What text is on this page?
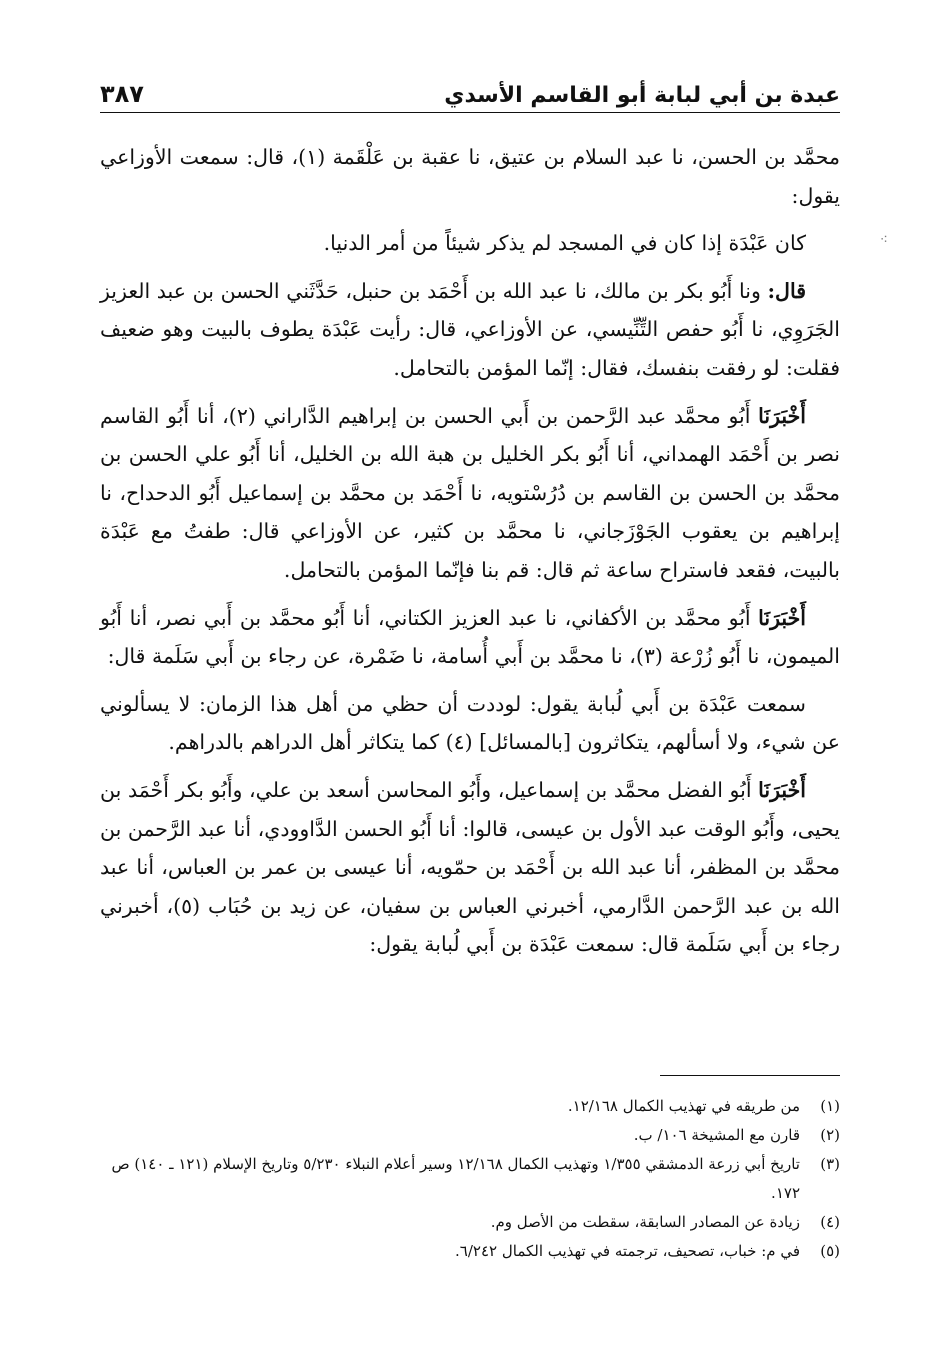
عبدة بن أبي لبابة أبو القاسم الأسدي
٣٨٧
⁖

محمَّد بن الحسن، نا عبد السلام بن عتيق، نا عقبة بن عَلْقَمة (١)، قال: سمعت الأوزاعي يقول:

كان عَبْدَة إذا كان في المسجد لم يذكر شيئاً من أمر الدنيا.

قال: ونا أَبُو بكر بن مالك، نا عبد الله بن أَحْمَد بن حنبل، حَدَّثَني الحسن بن عبد العزيز الجَرَوِي، نا أَبُو حفص التِّنِّيسي، عن الأوزاعي، قال: رأيت عَبْدَة يطوف بالبيت وهو ضعيف فقلت: لو رفقت بنفسك، فقال: إنّما المؤمن بالتحامل.

أَخْبَرَنَا أَبُو محمَّد عبد الرَّحمن بن أَبي الحسن بن إبراهيم الدَّاراني (٢)، أنا أَبُو القاسم نصر بن أَحْمَد الهمداني، أنا أَبُو بكر الخليل بن هبة الله بن الخليل، أنا أَبُو علي الحسن بن محمَّد بن الحسن بن القاسم بن دُرُسْتويه، نا أَحْمَد بن محمَّد بن إسماعيل أَبُو الدحداح، نا إبراهيم بن يعقوب الجَوْزَجاني، نا محمَّد بن كثير، عن الأوزاعي قال: طفتُ مع عَبْدَة بالبيت، فقعد فاستراح ساعة ثم قال: قم بنا فإنّما المؤمن بالتحامل.

أَخْبَرَنَا أَبُو محمَّد بن الأكفاني، نا عبد العزيز الكتاني، أنا أَبُو محمَّد بن أَبي نصر، أنا أَبُو الميمون، نا أَبُو زُرْعة (٣)، نا محمَّد بن أَبي أُسامة، نا ضَمْرة، عن رجاء بن أَبي سَلَمة قال:

سمعت عَبْدَة بن أَبي لُبابة يقول: لوددت أن حظي من أهل هذا الزمان: لا يسألوني عن شيء، ولا أسألهم، يتكاثرون [بالمسائل] (٤) كما يتكاثر أهل الدراهم بالدراهم.

أَخْبَرَنَا أَبُو الفضل محمَّد بن إسماعيل، وأَبُو المحاسن أسعد بن علي، وأَبُو بكر أَحْمَد بن يحيى، وأَبُو الوقت عبد الأول بن عيسى، قالوا: أنا أَبُو الحسن الدَّاوودي، أنا عبد الرَّحمن بن محمَّد بن المظفر، أنا عبد الله بن أَحْمَد بن حمّويه، أنا عيسى بن عمر بن العباس، أنا عبد الله بن عبد الرَّحمن الدَّارمي، أخبرني العباس بن سفيان، عن زيد بن حُبَاب (٥)، أخبرني رجاء بن أَبي سَلَمة قال: سمعت عَبْدَة بن أَبي لُبابة يقول:

(١)
من طريقه في تهذيب الكمال ١٢/١٦٨.
(٢)
قارن مع المشيخة ١٠٦/ ب.
(٣)
تاريخ أبي زرعة الدمشقي ١/٣٥٥ وتهذيب الكمال ١٢/١٦٨ وسير أعلام النبلاء ٥/٢٣٠ وتاريخ الإسلام (١٢١ ـ ١٤٠) ص ١٧٢.
(٤)
زيادة عن المصادر السابقة، سقطت من الأصل وم.
(٥)
في م: خباب، تصحيف، ترجمته في تهذيب الكمال ٦/٢٤٢.
